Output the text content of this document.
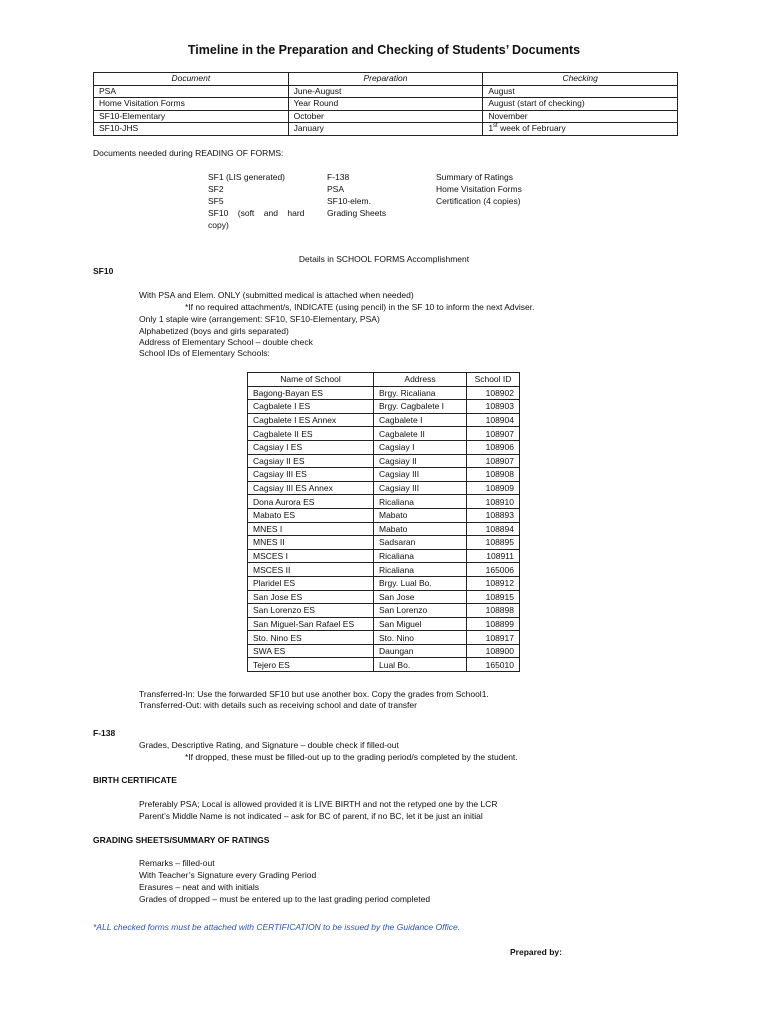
Timeline in the Preparation and Checking of Students’ Documents
Document	Preparation	Checking
PSA	June-August	August
Home Visitation Forms	Year Round	August (start of checking)
SF10-Elementary	October	November
SF10-JHS	January	1st week of February
Documents needed during READING OF FORMS:
SF1 (LIS generated)
SF2
SF5
SF10    (soft    and    hard
copy)
F-138
PSA
SF10-elem.
Grading Sheets
Summary of Ratings
Home Visitation Forms
Certification (4 copies)
Details in SCHOOL FORMS Accomplishment
SF10
With PSA and Elem. ONLY (submitted medical is attached when needed)
*If no required attachment/s, INDICATE (using pencil) in the SF 10 to inform the next Adviser.
Only 1 staple wire (arrangement: SF10, SF10-Elementary, PSA)
Alphabetized (boys and girls separated)
Address of Elementary School – double check
School IDs of Elementary Schools:
Name of School	Address	School ID
Bagong-Bayan ES	Brgy. Ricaliana	108902
Cagbalete I ES	Brgy. Cagbalete I	108903
Cagbalete I ES Annex	Cagbalete I	108904
Cagbalete II ES	Cagbalete II	108907
Cagsiay I ES	Cagsiay I	108906
Cagsiay II ES	Cagsiay II	108907
Cagsiay III ES	Cagsiay III	108908
Cagsiay III ES Annex	Cagsiay III	108909
Dona Aurora ES	Ricaliana	108910
Mabato ES	Mabato	108893
MNES I	Mabato	108894
MNES II	Sadsaran	108895
MSCES I	Ricaliana	108911
MSCES II	Ricaliana	165006
Plaridel ES	Brgy. Lual Bo.	108912
San Jose ES	San Jose	108915
San Lorenzo ES	San Lorenzo	108898
San Miguel-San Rafael ES	San Miguel	108899
Sto. Nino ES	Sto. Nino	108917
SWA ES	Daungan	108900
Tejero ES	Lual Bo.	165010
Transferred-In: Use the forwarded SF10 but use another box. Copy the grades from School1.
Transferred-Out: with details such as receiving school and date of transfer
F-138
Grades, Descriptive Rating, and Signature – double check if filled-out
*If dropped, these must be filled-out up to the grading period/s completed by the student.
BIRTH CERTIFICATE
Preferably PSA; Local is allowed provided it is LIVE BIRTH and not the retyped one by the LCR
Parent’s Middle Name is not indicated – ask for BC of parent, if no BC, let it be just an initial
GRADING SHEETS/SUMMARY OF RATINGS
Remarks – filled-out
With Teacher’s Signature every Grading Period
Erasures – neat and with initials
Grades of dropped – must be entered up to the last grading period completed
*ALL checked forms must be attached with CERTIFICATION to be issued by the Guidance Office.
Prepared by:
